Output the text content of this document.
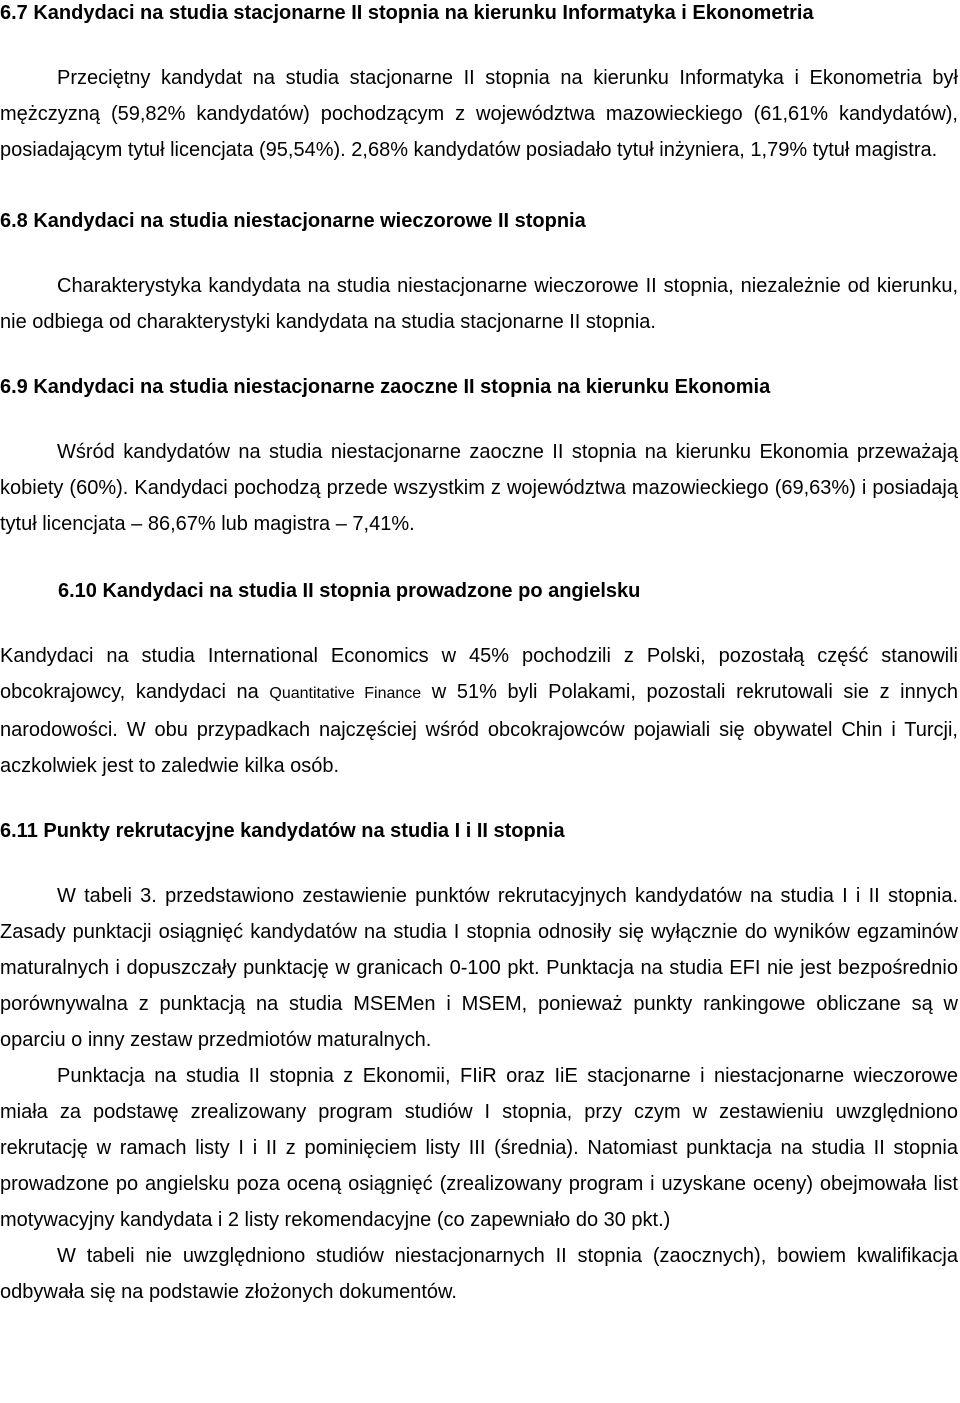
6.7 Kandydaci na studia stacjonarne II stopnia na kierunku Informatyka i Ekonometria

Przeciętny kandydat na studia stacjonarne II stopnia na kierunku Informatyka i Ekonometria był mężczyzną (59,82% kandydatów) pochodzącym z województwa mazowieckiego (61,61% kandydatów), posiadającym tytuł licencjata (95,54%). 2,68% kandydatów posiadało tytuł inżyniera, 1,79% tytuł magistra.

6.8 Kandydaci na studia niestacjonarne wieczorowe II stopnia

Charakterystyka kandydata na studia niestacjonarne wieczorowe II stopnia, niezależnie od kierunku, nie odbiega od charakterystyki kandydata na studia stacjonarne II stopnia.

6.9 Kandydaci na studia niestacjonarne zaoczne II stopnia na kierunku Ekonomia

Wśród kandydatów na studia niestacjonarne zaoczne II stopnia na kierunku Ekonomia przeważają kobiety (60%). Kandydaci pochodzą przede wszystkim z województwa mazowieckiego (69,63%) i posiadają tytuł licencjata – 86,67% lub magistra – 7,41%.

6.10 Kandydaci na studia II stopnia prowadzone po angielsku

Kandydaci na studia International Economics w 45% pochodzili z Polski, pozostałą część stanowili obcokrajowcy, kandydaci na Quantitative Finance w 51% byli Polakami, pozostali rekrutowali sie z innych narodowości. W obu przypadkach najczęściej wśród obcokrajowców pojawiali się obywatel Chin i Turcji, aczkolwiek jest to zaledwie kilka osób.

6.11 Punkty rekrutacyjne kandydatów na studia I i II stopnia

W tabeli 3. przedstawiono zestawienie punktów rekrutacyjnych kandydatów na studia I i II stopnia. Zasady punktacji osiągnięć kandydatów na studia I stopnia odnosiły się wyłącznie do wyników egzaminów maturalnych i dopuszczały punktację w granicach 0-100 pkt. Punktacja na studia EFI nie jest bezpośrednio porównywalna z punktacją na studia MSEMen i MSEM, ponieważ punkty rankingowe obliczane są w oparciu o inny zestaw przedmiotów maturalnych.

Punktacja na studia II stopnia z Ekonomii, FIiR oraz IiE stacjonarne i niestacjonarne wieczorowe miała za podstawę zrealizowany program studiów I stopnia, przy czym w zestawieniu uwzględniono rekrutację w ramach listy I i II z pominięciem listy III (średnia). Natomiast punktacja na studia II stopnia prowadzone po angielsku poza oceną osiągnięć (zrealizowany program i uzyskane oceny) obejmowała list motywacyjny kandydata i 2 listy rekomendacyjne (co zapewniało do 30 pkt.)

W tabeli nie uwzględniono studiów niestacjonarnych II stopnia (zaocznych), bowiem kwalifikacja odbywała się na podstawie złożonych dokumentów.
